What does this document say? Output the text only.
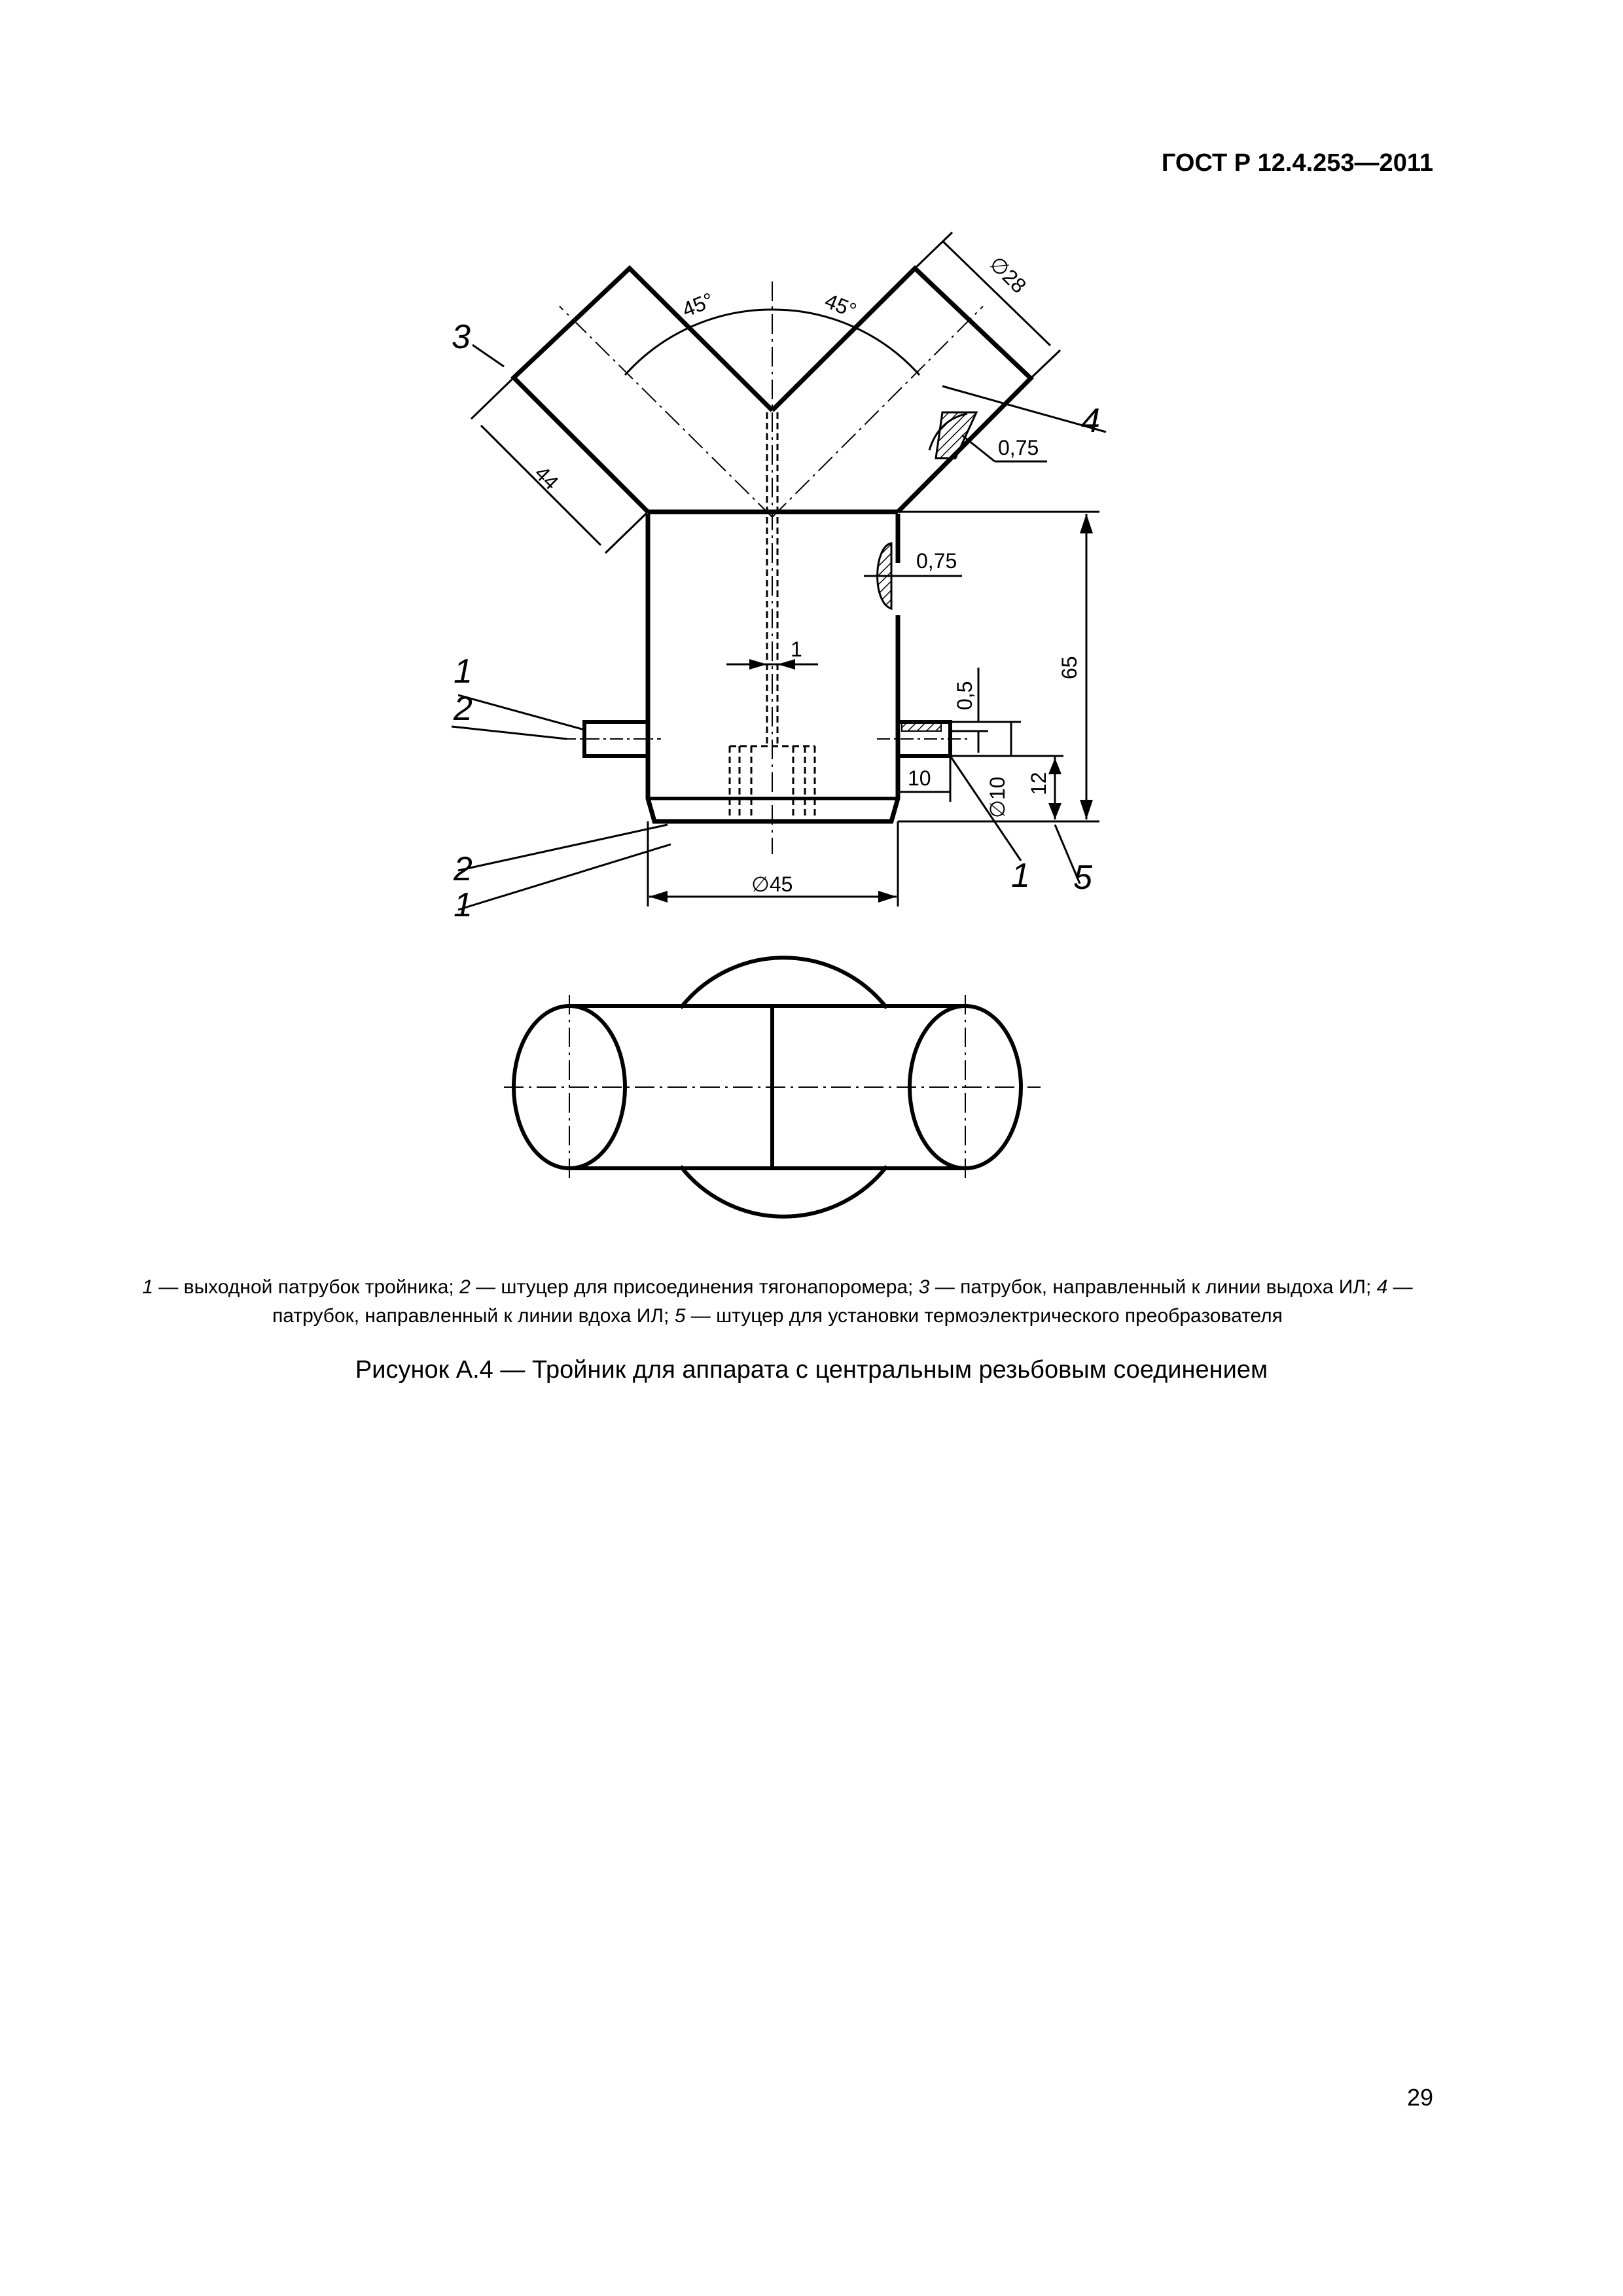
ГОСТ Р 12.4.253—2011
45°	45°
∅28
44
0,75
0,75
1
65
0,5
10	∅10 12
∅45
3
4
1
2
2
1
1 5
1 — выходной патрубок тройника; 2 — штуцер для присоединения тягонапоромера; 3 — патрубок, направленный к линии выдоха ИЛ; 4 — патрубок, направленный к линии вдоха ИЛ; 5 — штуцер для установки термоэлектрического преобразователя
Рисунок А.4 — Тройник для аппарата с центральным резьбовым соединением
29
